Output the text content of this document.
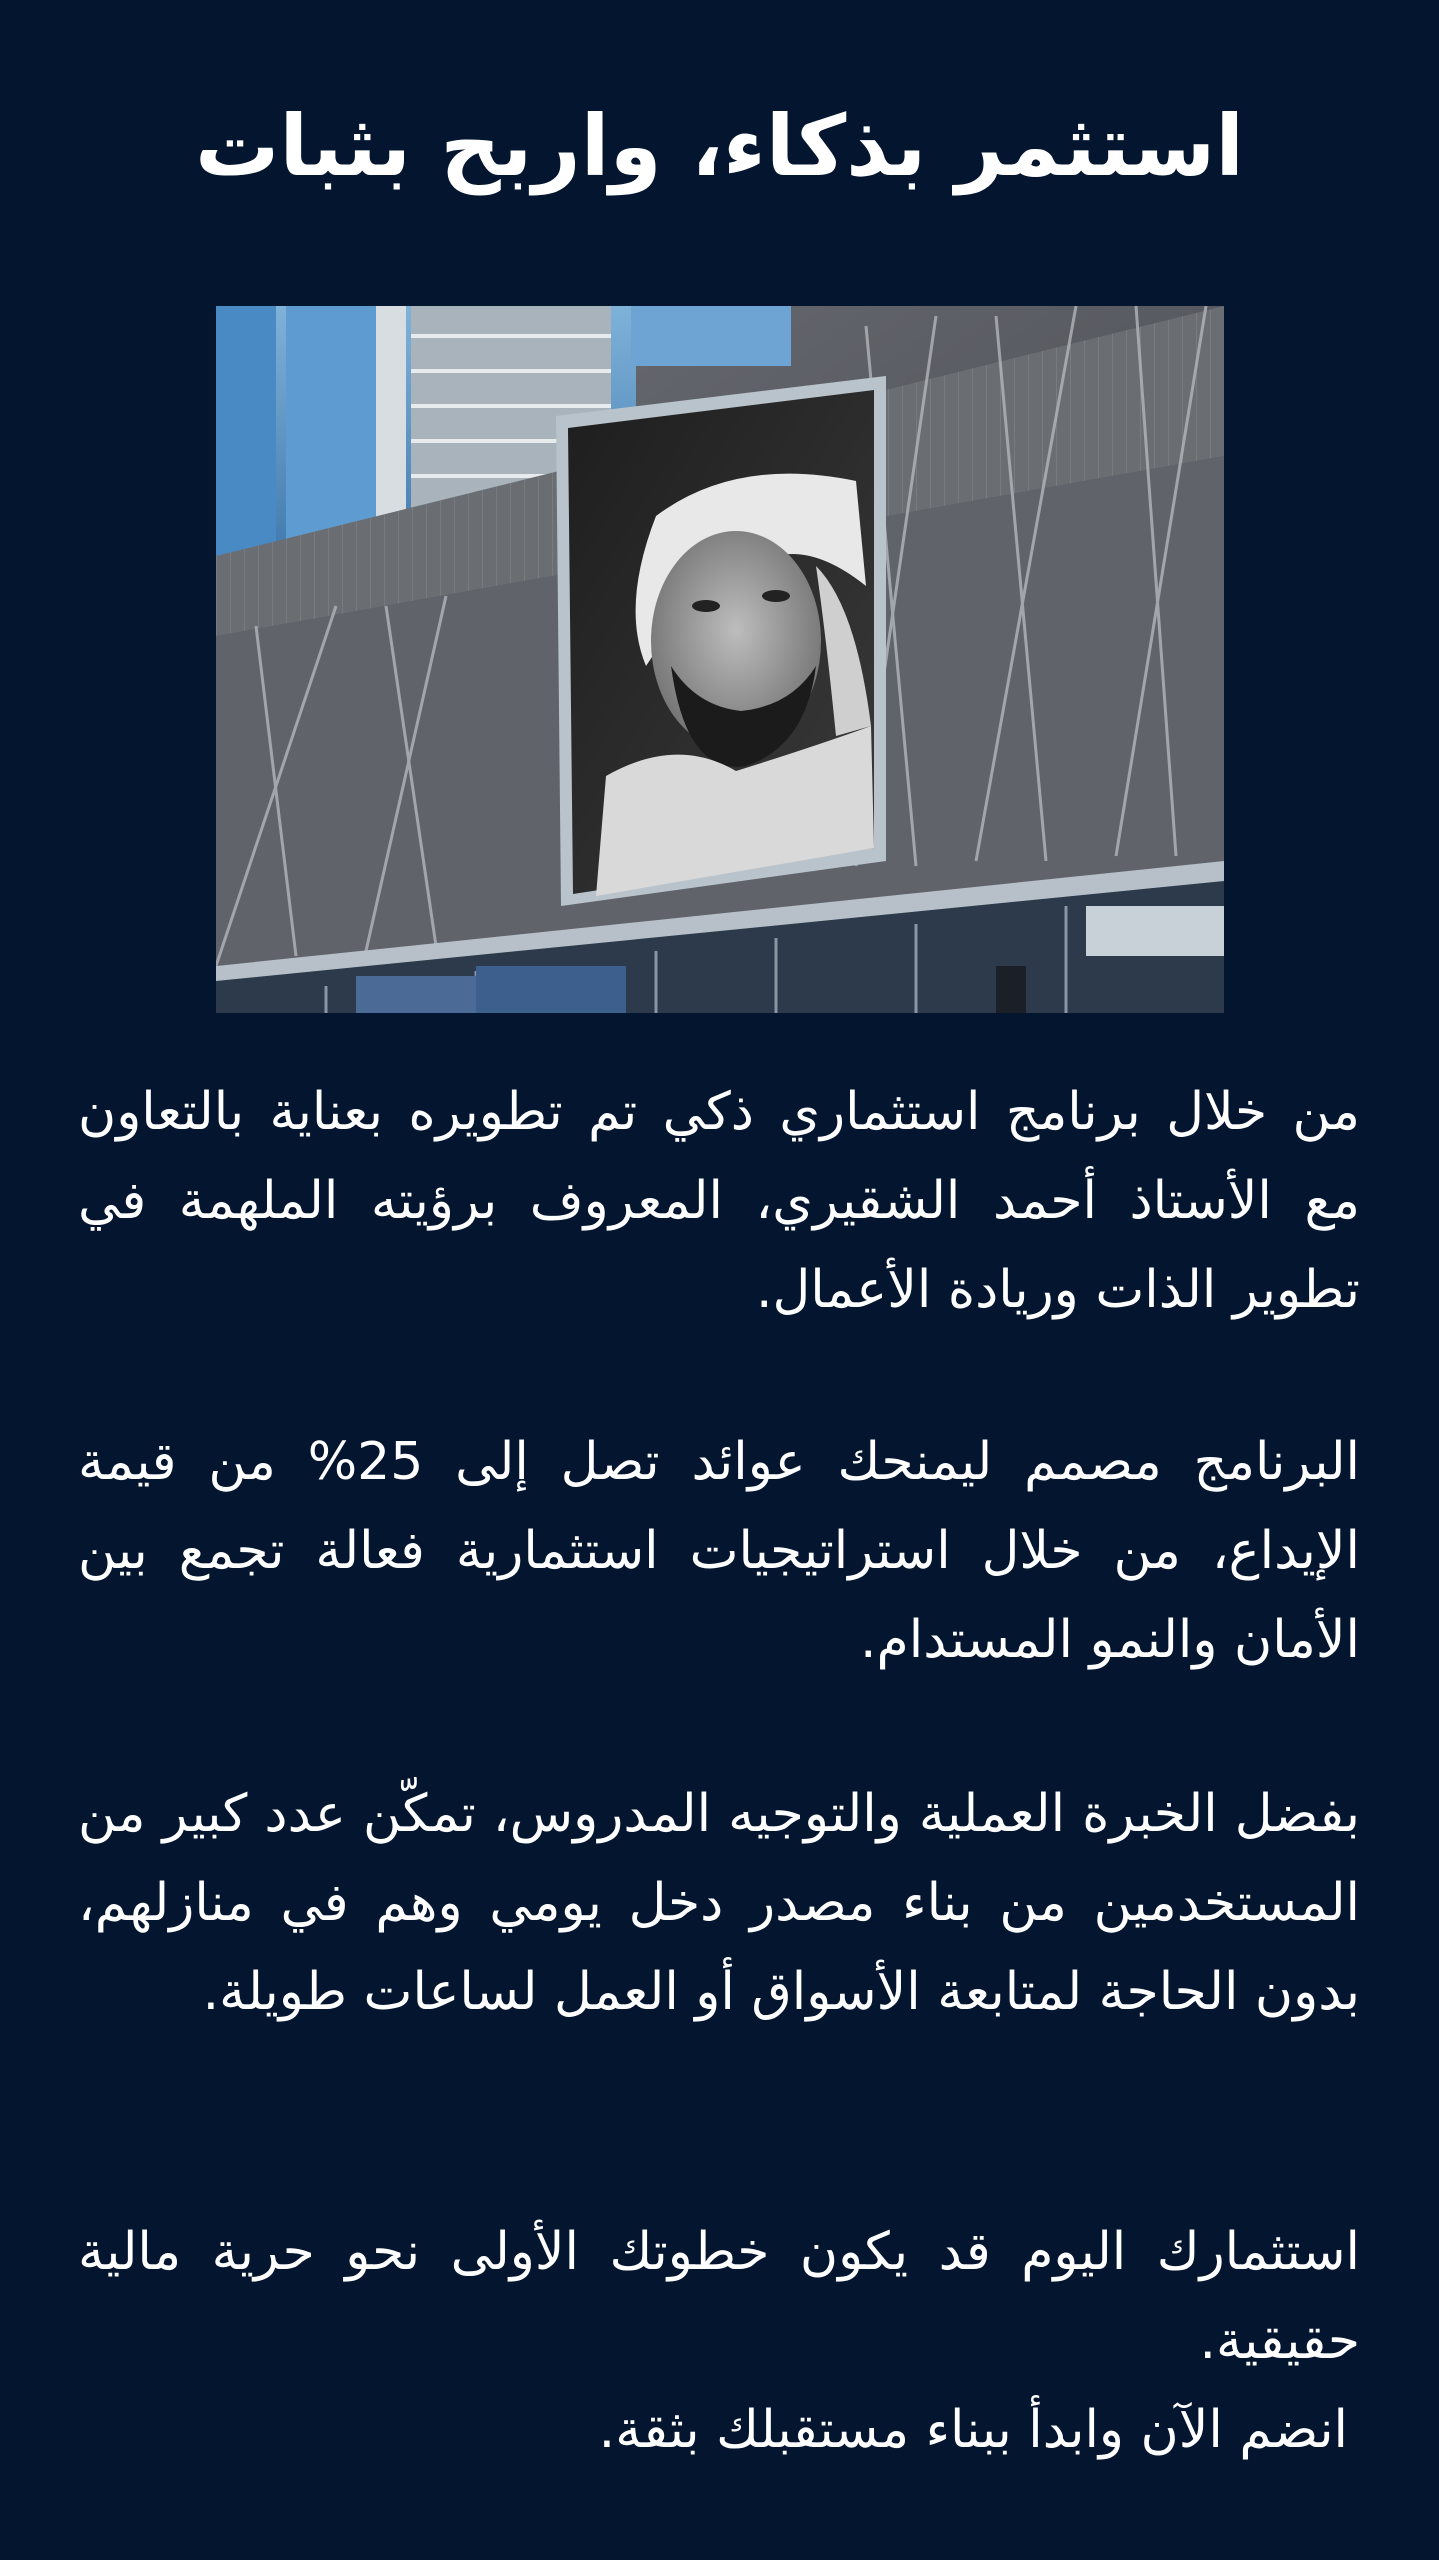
استثمر بذكاء، واربح بثبات

من خلال برنامج استثماري ذكي تم تطويره بعناية بالتعاون مع الأستاذ أحمد الشقيري، المعروف برؤيته الملهمة في تطوير الذات وريادة الأعمال.

البرنامج مصمم ليمنحك عوائد تصل إلى 25% من قيمة الإيداع، من خلال استراتيجيات استثمارية فعالة تجمع بين الأمان والنمو المستدام.

بفضل الخبرة العملية والتوجيه المدروس، تمكّن عدد كبير من المستخدمين من بناء مصدر دخل يومي وهم في منازلهم، بدون الحاجة لمتابعة الأسواق أو العمل لساعات طويلة.

استثمارك اليوم قد يكون خطوتك الأولى نحو حرية مالية حقيقية.

انضم الآن وابدأ ببناء مستقبلك بثقة.
